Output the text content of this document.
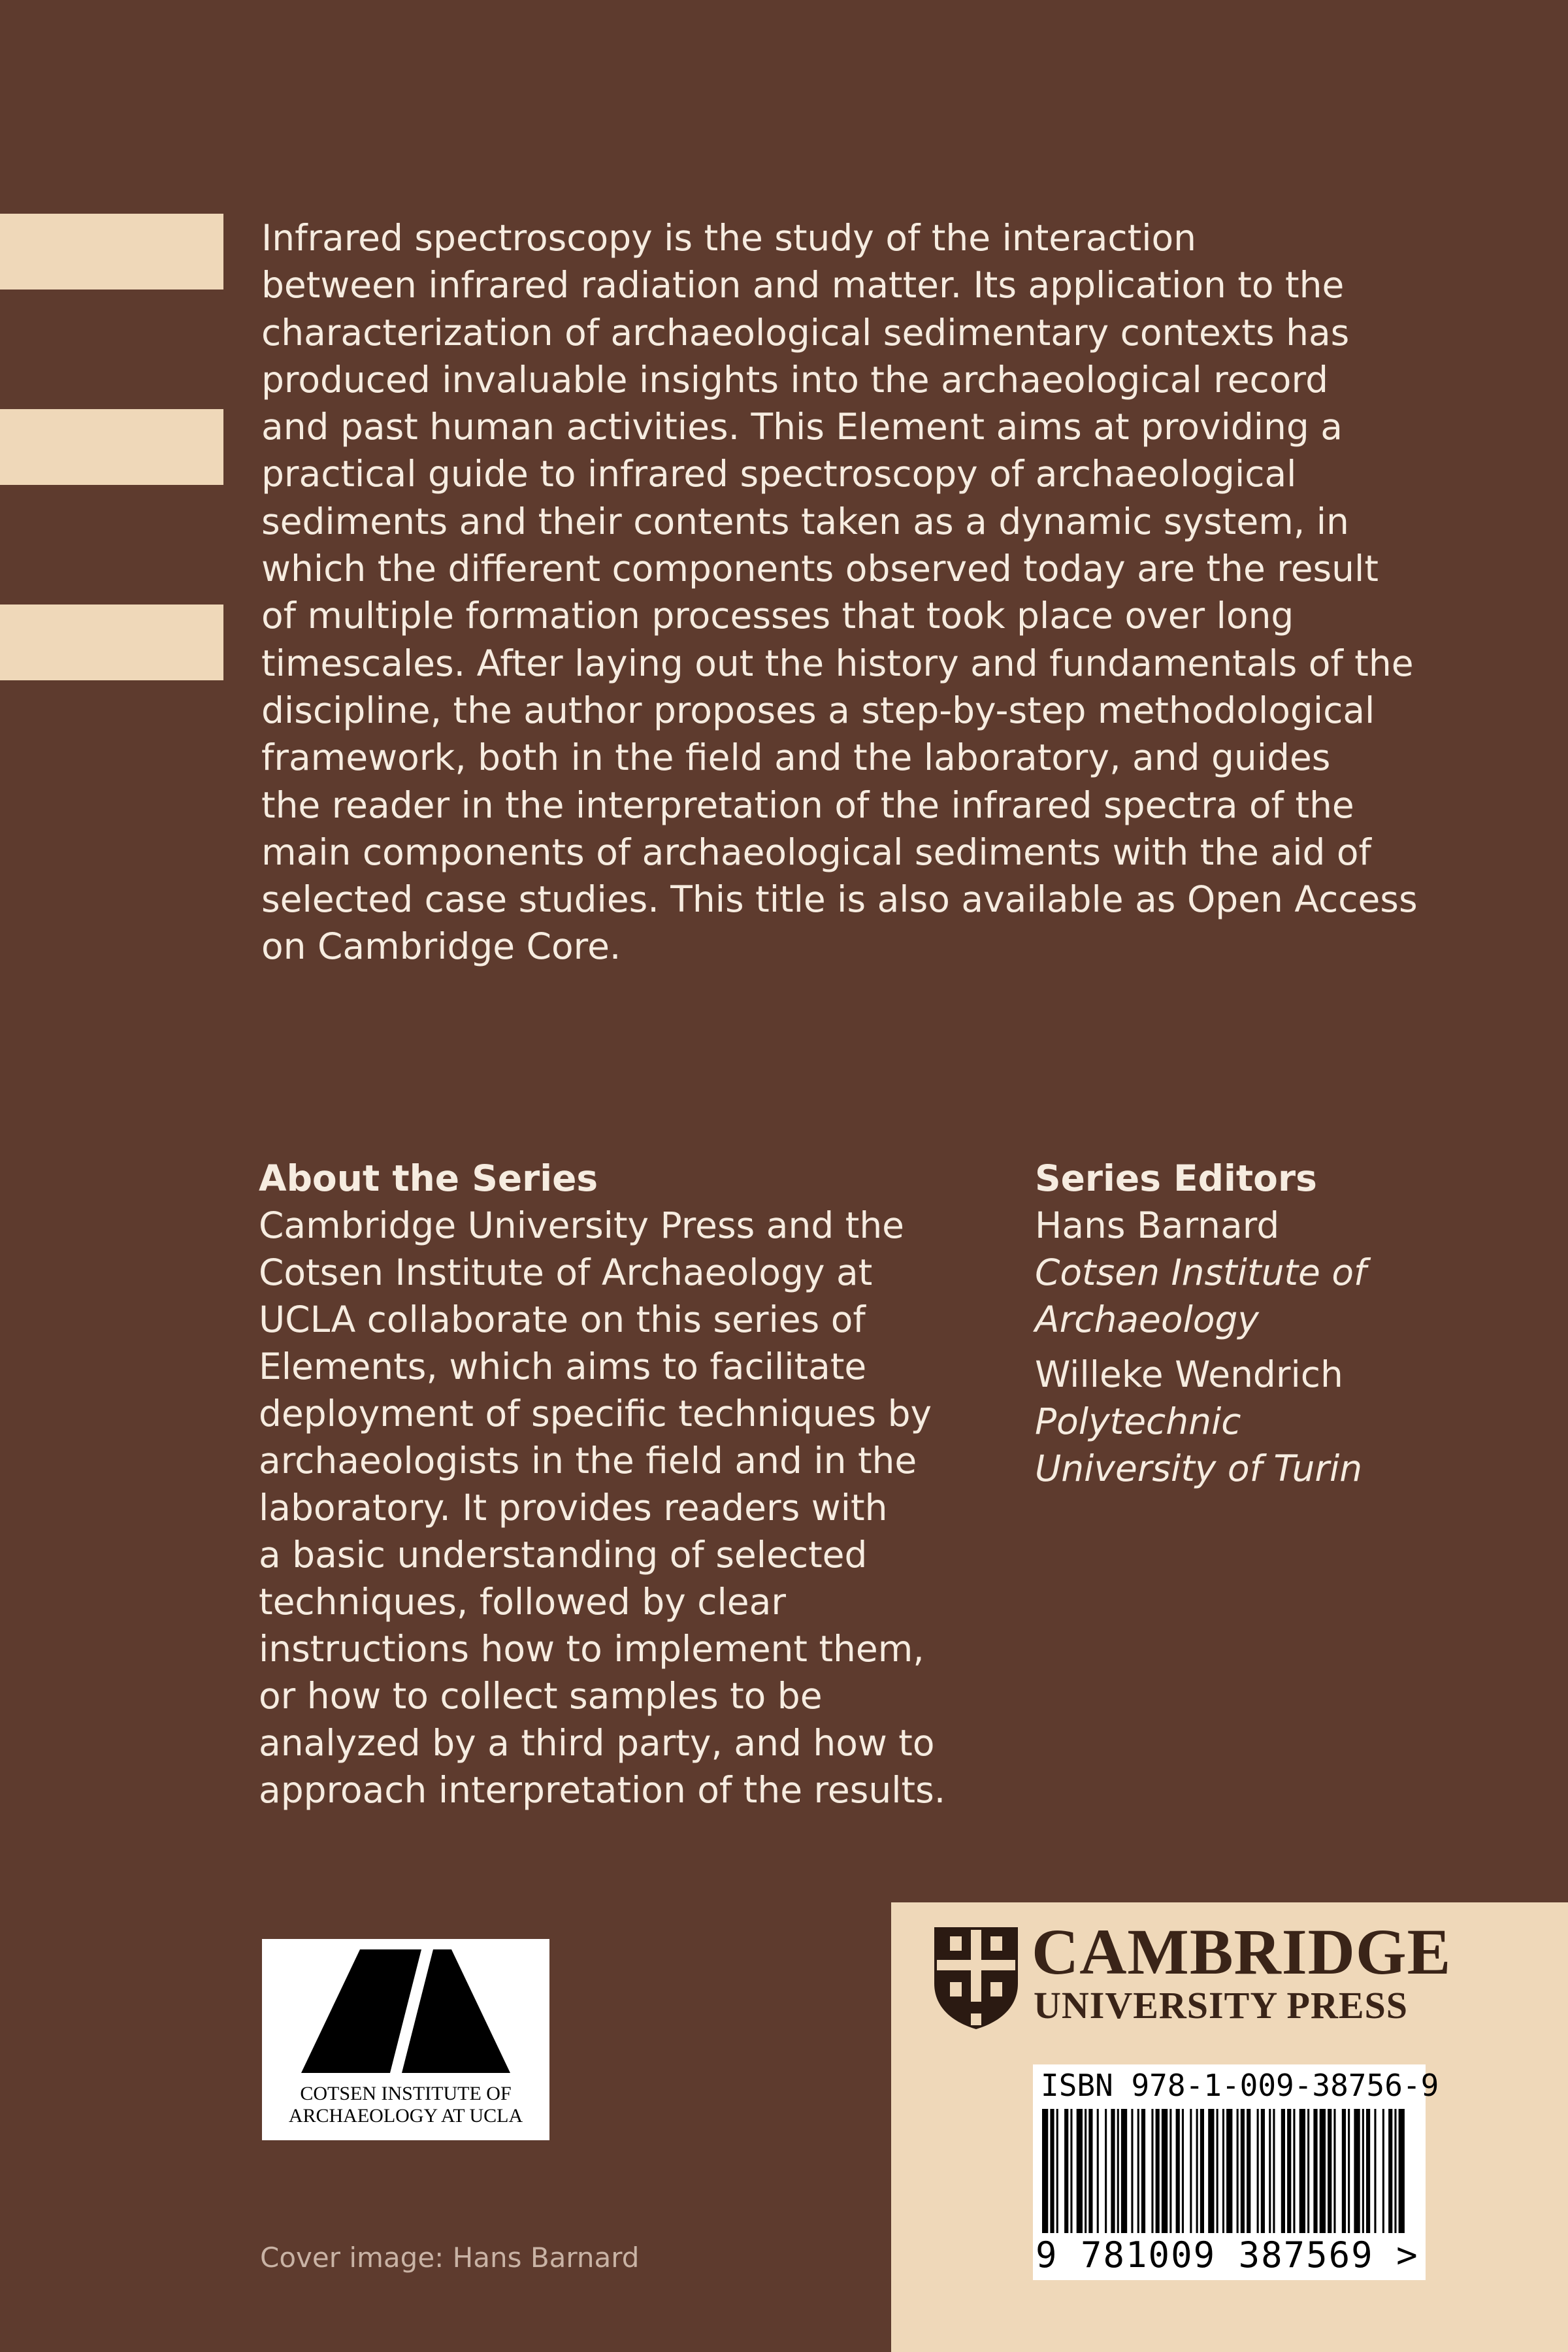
Infrared spectroscopy is the study of the interaction
between infrared radiation and matter. Its application to the
characterization of archaeological sedimentary contexts has
produced invaluable insights into the archaeological record
and past human activities. This Element aims at providing a
practical guide to infrared spectroscopy of archaeological
sediments and their contents taken as a dynamic system, in
which the different components observed today are the result
of multiple formation processes that took place over long
timescales. After laying out the history and fundamentals of the
discipline, the author proposes a step-by-step methodological
framework, both in the field and the laboratory, and guides
the reader in the interpretation of the infrared spectra of the
main components of archaeological sediments with the aid of
selected case studies. This title is also available as Open Access
on Cambridge Core.
About the Series
Cambridge University Press and the
Cotsen Institute of Archaeology at
UCLA collaborate on this series of
Elements, which aims to facilitate
deployment of specific techniques by
archaeologists in the field and in the
laboratory. It provides readers with
a basic understanding of selected
techniques, followed by clear
instructions how to implement them,
or how to collect samples to be
analyzed by a third party, and how to
approach interpretation of the results.
Series Editors
Hans Barnard
Cotsen Institute of
Archaeology
Willeke Wendrich
Polytechnic
University of Turin
COTSEN INSTITUTE OF
ARCHAEOLOGY AT UCLA
Cover image: Hans Barnard
CAMBRIDGE
UNIVERSITY PRESS
ISBN 978-1-009-38756-9
9 781009 387569 >
